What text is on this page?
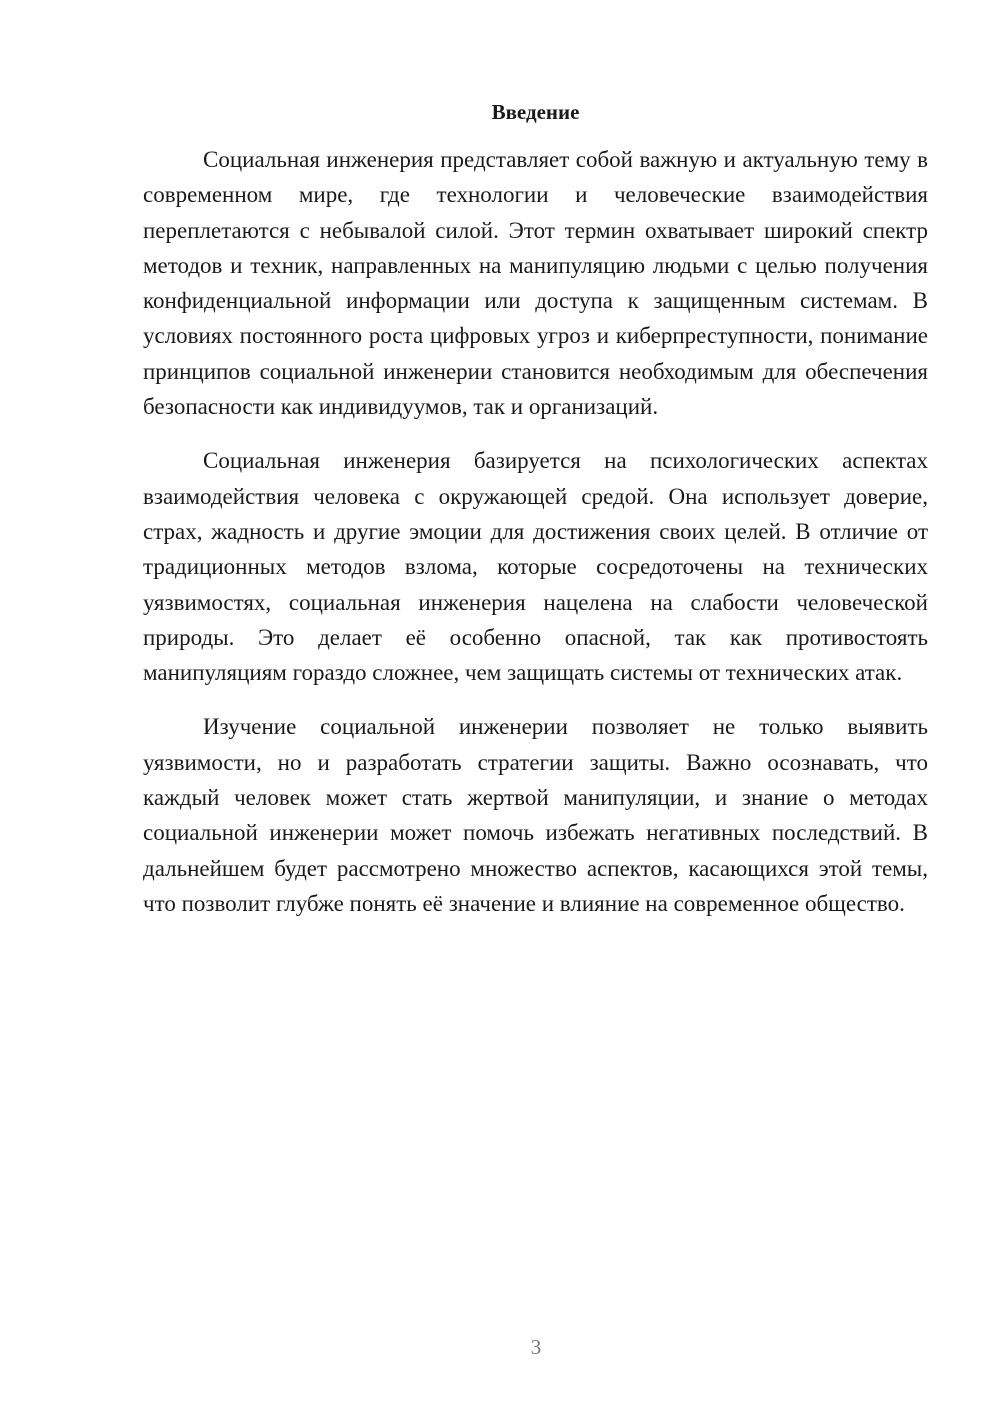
Введение

Социальная инженерия представляет собой важную и актуальную тему в современном мире, где технологии и человеческие взаимодействия переплетаются с небывалой силой. Этот термин охватывает широкий спектр методов и техник, направленных на манипуляцию людьми с целью получения конфиденциальной информации или доступа к защищенным системам. В условиях постоянного роста цифровых угроз и киберпреступности, понимание принципов социальной инженерии становится необходимым для обеспечения безопасности как индивидуумов, так и организаций.

Социальная инженерия базируется на психологических аспектах взаимодействия человека с окружающей средой. Она использует доверие, страх, жадность и другие эмоции для достижения своих целей. В отличие от традиционных методов взлома, которые сосредоточены на технических уязвимостях, социальная инженерия нацелена на слабости человеческой природы. Это делает её особенно опасной, так как противостоять манипуляциям гораздо сложнее, чем защищать системы от технических атак.

Изучение социальной инженерии позволяет не только выявить уязвимости, но и разработать стратегии защиты. Важно осознавать, что каждый человек может стать жертвой манипуляции, и знание о методах социальной инженерии может помочь избежать негативных последствий. В дальнейшем будет рассмотрено множество аспектов, касающихся этой темы, что позволит глубже понять её значение и влияние на современное общество.

3
